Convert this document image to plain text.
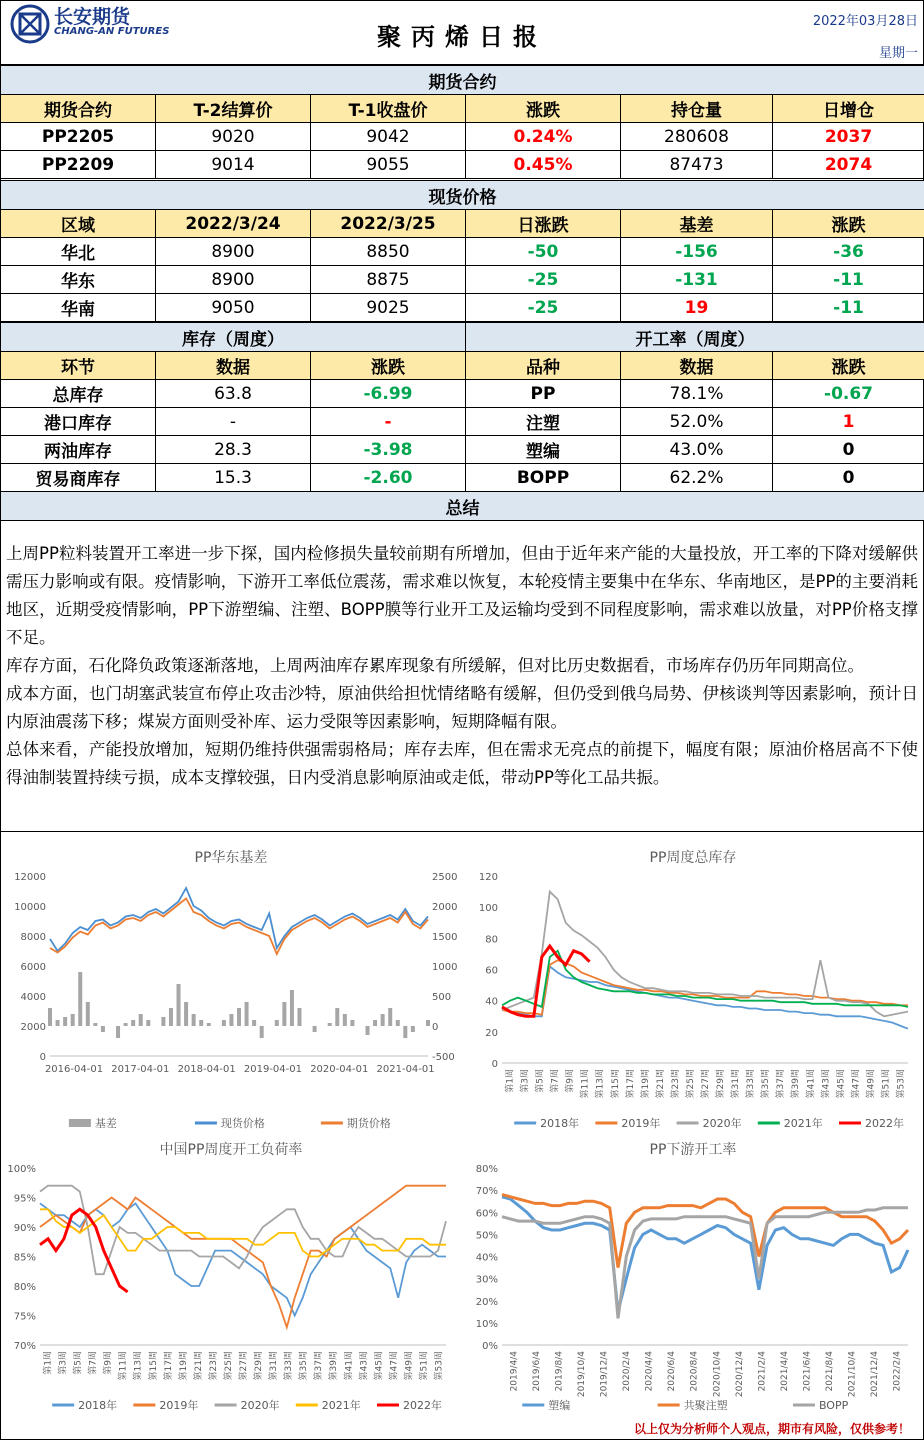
长安期货
CHANG-AN FUTURES	聚丙烯日报
2022年03月28日
星期一
期货合约					
期货合约	T-2结算价	T-1收盘价	涨跌	持仓量	日增仓
PP2205	9020	9042	0.24%	280608	2037
PP2209	9014	9055	0.45%	87473	2074
现货价格					
区域	2022/3/24	2022/3/25	日涨跌	基差	涨跌
华北	8900	8850	-50	-156	-36
华东	8900	8875	-25	-131	-11
华南	9050	9025	-25	19	-11
库存（周度）			开工率（周度）		
环节	数据	涨跌	品种	数据	涨跌
总库存	63.8	-6.99	PP	78.1%	-0.67
港口库存	-	-	注塑	52.0%	1
两油库存	28.3	-3.98	塑编	43.0%	0
贸易商库存	15.3	-2.60	BOPP	62.2%	0
总结					

上周PP粒料装置开工率进一步下探，国内检修损失量较前期有所增加，但由于近年来产能的大量投放，开工率的下降对缓解供需压力影响或有限。疫情影响，下游开工率低位震荡，需求难以恢复，本轮疫情主要集中在华东、华南地区，是PP的主要消耗地区，近期受疫情影响，PP下游塑编、注塑、BOPP膜等行业开工及运输均受到不同程度影响，需求难以放量，对PP价格支撑不足。

库存方面，石化降负政策逐渐落地，上周两油库存累库现象有所缓解，但对比历史数据看，市场库存仍历年同期高位。

成本方面，也门胡塞武装宣布停止攻击沙特，原油供给担忧情绪略有缓解，但仍受到俄乌局势、伊核谈判等因素影响，预计日内原油震荡下移；煤炭方面则受补库、运力受限等因素影响，短期降幅有限。

总体来看，产能投放增加，短期仍维持供强需弱格局；库存去库，但在需求无亮点的前提下，幅度有限；原油价格居高不下使得油制装置持续亏损，成本支撑较强，日内受消息影响原油或走低，带动PP等化工品共振。

PP华东基差
0
2000
4000
6000
8000
10000
12000
-500
0
500
1000
1500
2000
2500
2016-04-01 2017-04-01 2018-04-01 2019-04-01 2020-04-01 2021-04-01
基差	现货价格	期货价格
PP周度总库存
0
20
40
60
80
100
120
第1周 第3周 第5周 第7周 第9周 第11周 第13周 第15周 第17周 第19周 第21周 第23周 第25周 第27周 第29周 第31周 第33周 第35周 第37周 第39周 第41周 第43周 第45周 第47周 第49周 第51周 第53周
2018年	2019年	2020年	2021年	2022年
中国PP周度开工负荷率
70%
75%
80%
85%
90%
95%
100%
第1周 第3周 第5周 第7周 第9周 第11周 第13周 第15周 第17周 第19周 第21周 第23周 第25周 第27周 第29周 第31周 第33周 第35周 第37周 第39周 第41周 第43周 第45周 第47周 第49周 第51周 第53周
2018年	2019年	2020年	2021年	2022年
PP下游开工率
0%
10%
20%
30%
40%
50%
60%
70%
80%
2019/4/4 2019/6/4 2019/8/4 2019/10/4 2019/12/4 2020/2/4 2020/4/4 2020/6/4 2020/8/4 2020/10/4 2020/12/4 2021/2/4 2021/4/4 2021/6/4 2021/8/4 2021/10/4 2021/12/4 2022/2/4
塑编	共聚注塑	BOPP
以上仅为分析师个人观点，期市有风险，仅供参考！
